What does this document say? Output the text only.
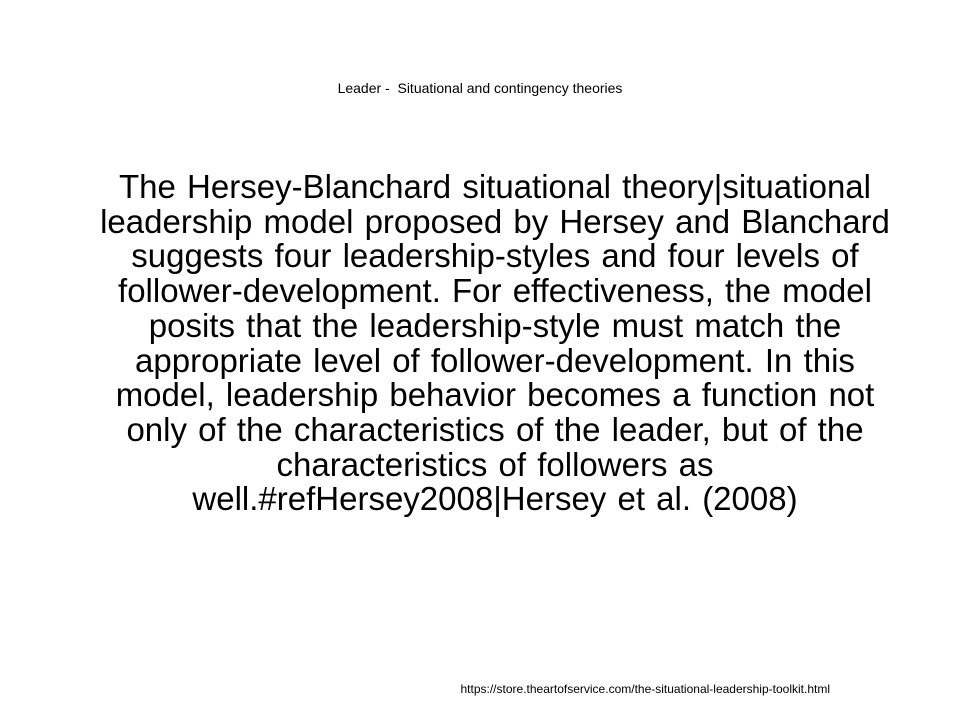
Leader -  Situational and contingency theories
The Hersey-Blanchard situational theory|situational leadership model proposed by Hersey and Blanchard suggests four leadership-styles and four levels of follower-development. For effectiveness, the model posits that the leadership-style must match the appropriate level of follower-development. In this model, leadership behavior becomes a function not only of the characteristics of the leader, but of the characteristics of followers as well.#refHersey2008|Hersey et al. (2008)
https://store.theartofservice.com/the-situational-leadership-toolkit.html
